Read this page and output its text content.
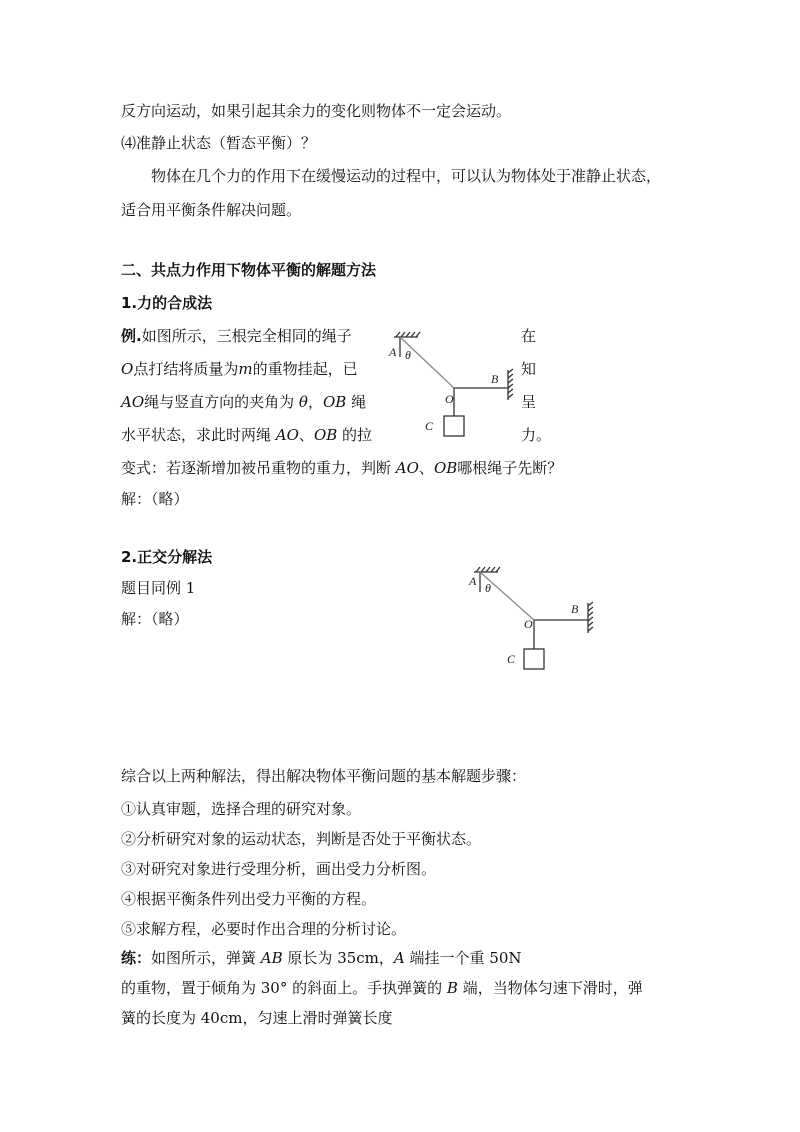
反方向运动，如果引起其余力的变化则物体不一定会运动。
⑷准静止状态（暂态平衡）？
物体在几个力的作用下在缓慢运动的过程中，可以认为物体处于准静止状态，
适合用平衡条件解决问题。
二、共点力作用下物体平衡的解题方法
1.力的合成法
例.如图所示，三根完全相同的绳子	在
O点打结将质量为m的重物挂起，已	知
AO绳与竖直方向的夹角为 θ，OB 绳	呈
水平状态，求此时两绳 AO、OB 的拉	力。
变式：若逐渐增加被吊重物的重力，判断 AO、OB哪根绳子先断？
解：（略）
A θ
B
O
C
2.正交分解法
题目同例 1
解：（略）
A θ
B
O
C
综合以上两种解法，得出解决物体平衡问题的基本解题步骤：
①认真审题，选择合理的研究对象。
②分析研究对象的运动状态，判断是否处于平衡状态。
③对研究对象进行受理分析，画出受力分析图。
④根据平衡条件列出受力平衡的方程。
⑤求解方程，必要时作出合理的分析讨论。
练：如图所示，弹簧 AB 原长为 35cm，A 端挂一个重 50N
的重物，置于倾角为 30° 的斜面上。手执弹簧的 B 端，当物体匀速下滑时，弹
簧的长度为 40cm，匀速上滑时弹簧长度
